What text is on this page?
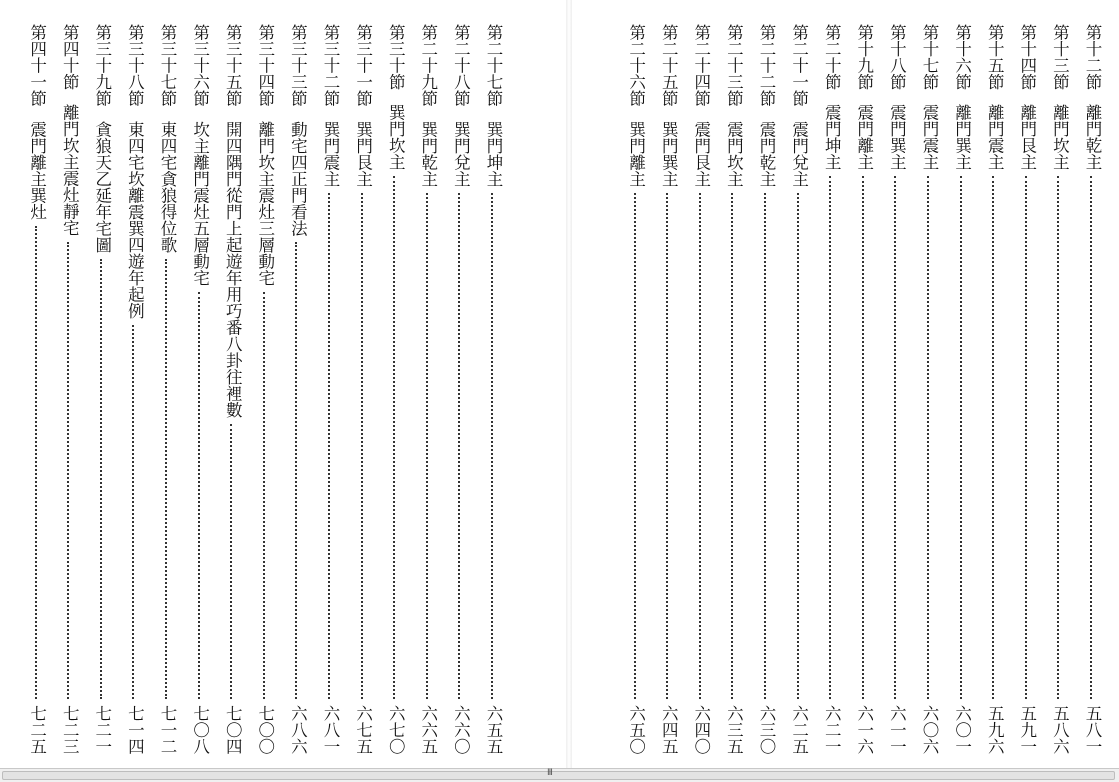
第二十七節
巽門坤主
六五五
第二十八節
巽門兌主
六六〇
第二十九節
巽門乾主
六六五
第三十節
巽門坎主
六七〇
第三十一節
巽門艮主
六七五
第三十二節
巽門震主
六八一
第三十三節
動宅四正門看法
六八六
第三十四節
離門坎主震灶三層動宅
七〇〇
第三十五節
開四隅門從門上起遊年用巧番八卦往裡數
七〇四
第三十六節
坎主離門震灶五層動宅
七〇八
第三十七節
東四宅貪狼得位歌
七一二
第三十八節
東四宅坎離震巽四遊年起例
七一四
第三十九節
貪狼天乙延年宅圖
七二一
第四十節
離門坎主震灶靜宅
七二三
第四十一節
震門離主巽灶
七二五
第十二節
離門乾主
五八一
第十三節
離門坎主
五八六
第十四節
離門艮主
五九一
第十五節
離門震主
五九六
第十六節
離門巽主
六〇一
第十七節
震門震主
六〇六
第十八節
震門巽主
六一一
第十九節
震門離主
六一六
第二十節
震門坤主
六二一
第二十一節
震門兌主
六二五
第二十二節
震門乾主
六三〇
第二十三節
震門坎主
六三五
第二十四節
震門艮主
六四〇
第二十五節
巽門巽主
六四五
第二十六節
巽門離主
六五〇
III
